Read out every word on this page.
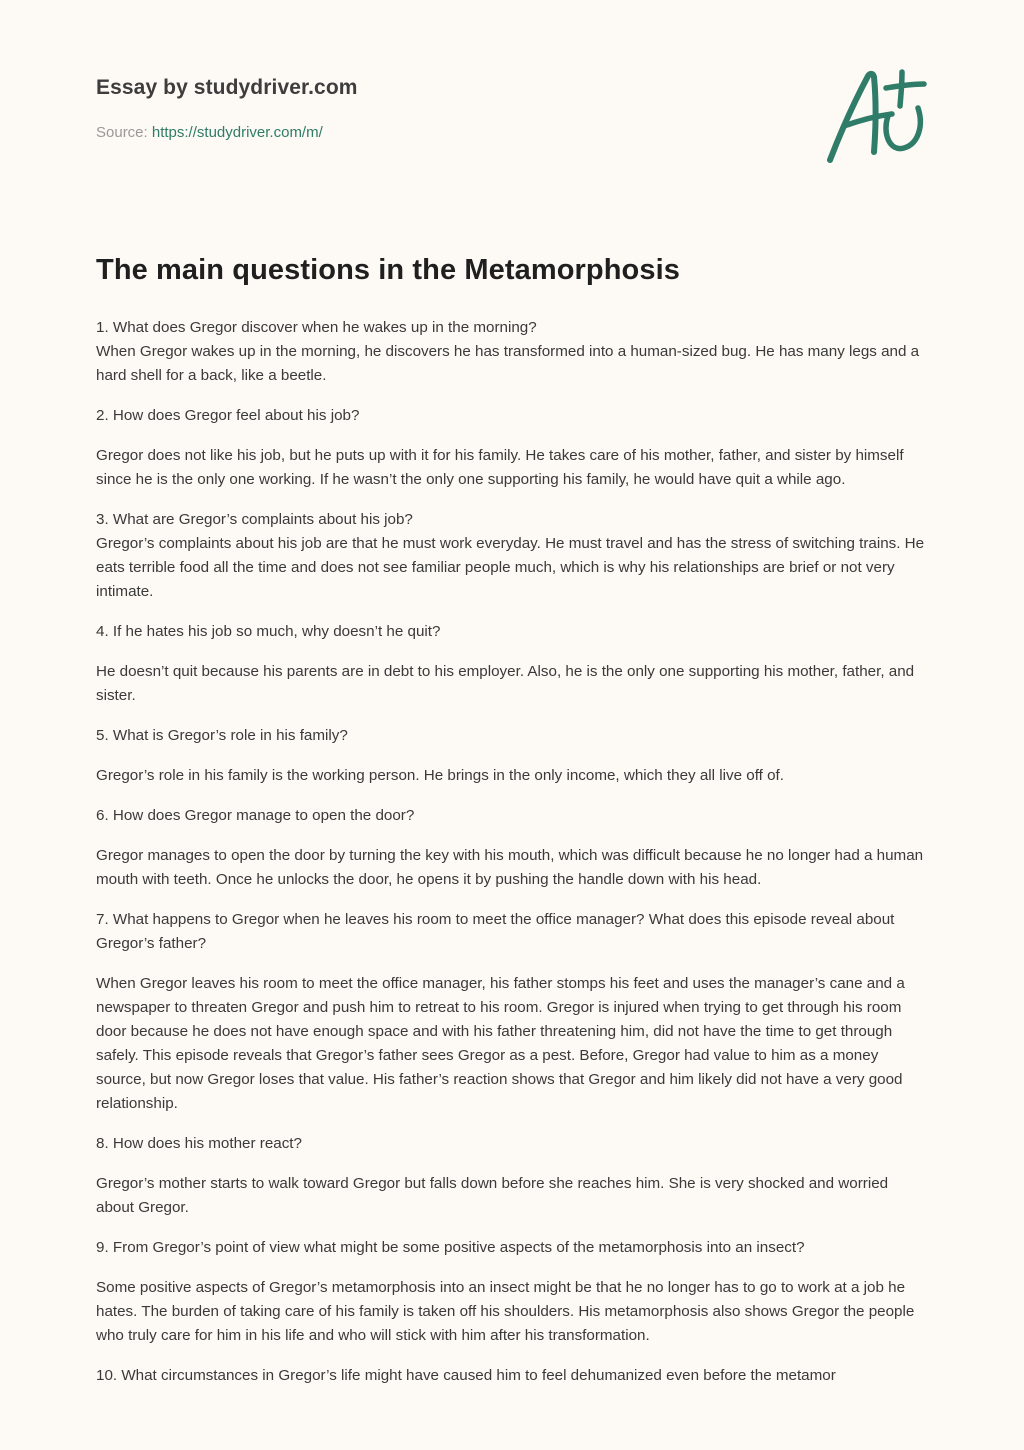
Essay by studydriver.com
Source: https://studydriver.com/m/
The main questions in the Metamorphosis

1. What does Gregor discover when he wakes up in the morning?

When Gregor wakes up in the morning, he discovers he has transformed into a human-sized bug. He has many legs and a hard shell for a back, like a beetle.

2. How does Gregor feel about his job?

Gregor does not like his job, but he puts up with it for his family. He takes care of his mother, father, and sister by himself since he is the only one working. If he wasn’t the only one supporting his family, he would have quit a while ago.

3. What are Gregor’s complaints about his job?

Gregor’s complaints about his job are that he must work everyday. He must travel and has the stress of switching trains. He eats terrible food all the time and does not see familiar people much, which is why his relationships are brief or not very intimate.

4. If he hates his job so much, why doesn’t he quit?

He doesn’t quit because his parents are in debt to his employer. Also, he is the only one supporting his mother, father, and sister.

5. What is Gregor’s role in his family?

Gregor’s role in his family is the working person. He brings in the only income, which they all live off of.

6. How does Gregor manage to open the door?

Gregor manages to open the door by turning the key with his mouth, which was difficult because he no longer had a human mouth with teeth. Once he unlocks the door, he opens it by pushing the handle down with his head.

7. What happens to Gregor when he leaves his room to meet the office manager? What does this episode reveal about Gregor’s father?

When Gregor leaves his room to meet the office manager, his father stomps his feet and uses the manager’s cane and a newspaper to threaten Gregor and push him to retreat to his room. Gregor is injured when trying to get through his room door because he does not have enough space and with his father threatening him, did not have the time to get through safely. This episode reveals that Gregor’s father sees Gregor as a pest. Before, Gregor had value to him as a money source, but now Gregor loses that value. His father’s reaction shows that Gregor and him likely did not have a very good relationship.

8. How does his mother react?

Gregor’s mother starts to walk toward Gregor but falls down before she reaches him. She is very shocked and worried about Gregor.

9. From Gregor’s point of view what might be some positive aspects of the metamorphosis into an insect?

Some positive aspects of Gregor’s metamorphosis into an insect might be that he no longer has to go to work at a job he hates. The burden of taking care of his family is taken off his shoulders. His metamorphosis also shows Gregor the people who truly care for him in his life and who will stick with him after his transformation.

10. What circumstances in Gregor’s life might have caused him to feel dehumanized even before the metamor
